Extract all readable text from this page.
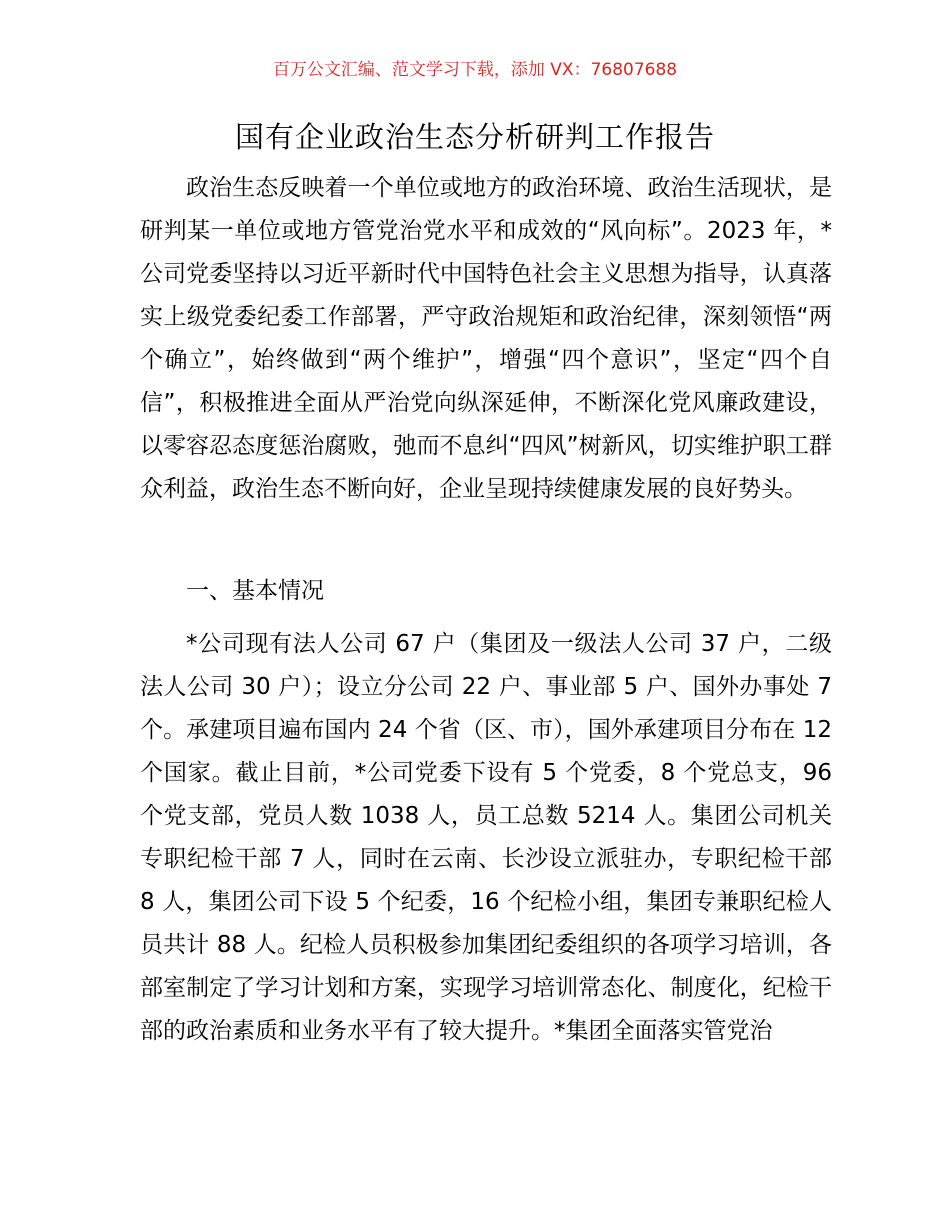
百万公文汇编、范文学习下载，添加 VX：76807688
国有企业政治生态分析研判工作报告

政治生态反映着一个单位或地方的政治环境、政治生活现状，是研判某一单位或地方管党治党水平和成效的“风向标”。2023 年，*公司党委坚持以习近平新时代中国特色社会主义思想为指导，认真落实上级党委纪委工作部署，严守政治规矩和政治纪律，深刻领悟“两个确立”，始终做到“两个维护”，增强“四个意识”，坚定“四个自信”，积极推进全面从严治党向纵深延伸，不断深化党风廉政建设，以零容忍态度惩治腐败，弛而不息纠“四风”树新风，切实维护职工群众利益，政治生态不断向好，企业呈现持续健康发展的良好势头。

一、基本情况

*公司现有法人公司 67 户（集团及一级法人公司 37 户，二级法人公司 30 户）；设立分公司 22 户、事业部 5 户、国外办事处 7 个。承建项目遍布国内 24 个省（区、市），国外承建项目分布在 12 个国家。截止目前，*公司党委下设有 5 个党委，8 个党总支，96 个党支部，党员人数 1038 人，员工总数 5214 人。集团公司机关专职纪检干部 7 人，同时在云南、长沙设立派驻办，专职纪检干部 8 人，集团公司下设 5 个纪委，16 个纪检小组，集团专兼职纪检人员共计 88 人。纪检人员积极参加集团纪委组织的各项学习培训，各部室制定了学习计划和方案，实现学习培训常态化、制度化，纪检干部的政治素质和业务水平有了较大提升。*集团全面落实管党治
